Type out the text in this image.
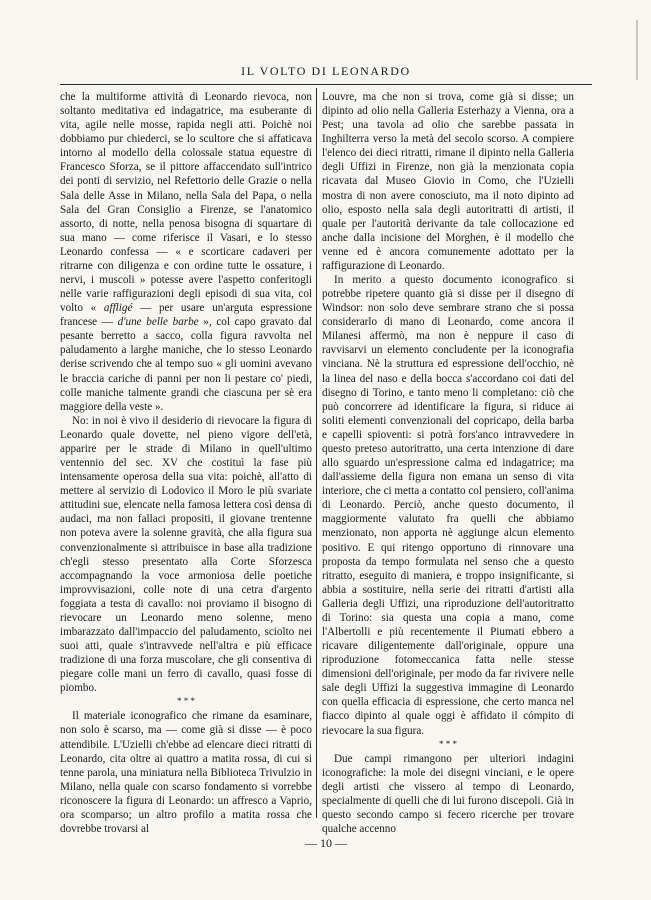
IL VOLTO DI LEONARDO

che la multiforme attività di Leonardo rievoca, non soltanto meditativa ed indagatrice, ma esuberante di vita, agile nelle mosse, rapida negli atti. Poichè noi dobbiamo pur chiederci, se lo scultore che si affaticava intorno al modello della colossale statua equestre di Francesco Sforza, se il pittore affaccendato sull'intrico dei ponti di servizio, nel Refettorio delle Grazie o nella Sala delle Asse in Milano, nella Sala del Papa, o nella Sala del Gran Consiglio a Firenze, se l'anatomico assorto, di notte, nella penosa bisogna di squartare di sua mano — come riferisce il Vasari, e lo stesso Leonardo confessa — « e scorticare cadaveri per ritrarne con diligenza e con ordine tutte le ossature, i nervi, i muscoli » potesse avere l'aspetto conferitogli nelle varie raffigurazioni degli episodi di sua vita, col volto « affligé — per usare un'arguta espressione francese — d'une belle barbe », col capo gravato dal pesante berretto a sacco, colla figura ravvolta nel paludamento a larghe maniche, che lo stesso Leonardo derise scrivendo che al tempo suo « gli uomini avevano le braccia cariche di panni per non li pestare co' piedi, colle maniche talmente grandi che ciascuna per sè era maggiore della veste ».

No: in noi è vivo il desiderio di rievocare la figura di Leonardo quale dovette, nel pieno vigore dell'età, apparire per le strade di Milano in quell'ultimo ventennio del sec. XV che costituì la fase più intensamente operosa della sua vita: poichè, all'atto di mettere al servizio di Lodovico il Moro le più svariate attitudini sue, elencate nella famosa lettera così densa di audaci, ma non fallaci propositi, il giovane trentenne non poteva avere la solenne gravità, che alla figura sua convenzionalmente si attribuisce in base alla tradizione ch'egli stesso presentato alla Corte Sforzesca accompagnando la voce armoniosa delle poetiche improvvisazioni, colle note di una cetra d'argento foggiata a testa di cavallo: noi proviamo il bisogno di rievocare un Leonardo meno solenne, meno imbarazzato dall'impaccio del paludamento, sciolto nei suoi atti, quale s'intravvede nell'altra e più efficace tradizione di una forza muscolare, che gli consentiva di piegare colle mani un ferro di cavallo, quasi fosse di piombo.

* * *

Il materiale iconografico che rimane da esaminare, non solo è scarso, ma — come già si disse — è poco attendibile. L'Uzielli ch'ebbe ad elencare dieci ritratti di Leonardo, cita oltre ai quattro a matita rossa, di cui si tenne parola, una miniatura nella Biblioteca Trivulzio in Milano, nella quale con scarso fondamento si vorrebbe riconoscere la figura di Leonardo: un affresco a Vaprio, ora scomparso; un altro profilo a matita rossa che dovrebbe trovarsi al

Louvre, ma che non si trova, come già si disse; un dipinto ad olio nella Galleria Esterhazy a Vienna, ora a Pest; una tavola ad olio che sarebbe passata in Inghilterra verso la metà del secolo scorso. A compiere l'elenco dei dieci ritratti, rimane il dipinto nella Galleria degli Uffizi in Firenze, non già la menzionata copia ricavata dal Museo Giovio in Como, che l'Uzielli mostra di non avere conosciuto, ma il noto dipinto ad olio, esposto nella sala degli autoritratti di artisti, il quale per l'autorità derivante da tale collocazione ed anche dalla incisione del Morghen, è il modello che venne ed è ancora comunemente adottato per la raffigurazione di Leonardo.

In merito a questo documento iconografico si potrebbe ripetere quanto già si disse per il disegno di Windsor: non solo deve sembrare strano che si possa considerarlo di mano di Leonardo, come ancora il Milanesi affermò, ma non è neppure il caso di ravvisarvi un elemento concludente per la iconografia vinciana. Nè la struttura ed espressione dell'occhio, nè la linea del naso e della bocca s'accordano coi dati del disegno di Torino, e tanto meno li completano: ciò che può concorrere ad identificare la figura, si riduce ai soliti elementi convenzionali del copricapo, della barba e capelli spioventi: si potrà fors'anco intravvedere in questo preteso autoritratto, una certa intenzione di dare allo sguardo un'espressione calma ed indagatrice; ma dall'assieme della figura non emana un senso di vita interiore, che ci metta a contatto col pensiero, coll'anima di Leonardo. Perciò, anche questo documento, il maggiormente valutato fra quelli che abbiamo menzionato, non apporta nè aggiunge alcun elemento positivo. E qui ritengo opportuno di rinnovare una proposta da tempo formulata nel senso che a questo ritratto, eseguito di maniera, e troppo insignificante, si abbia a sostituire, nella serie dei ritratti d'artisti alla Galleria degli Uffizi, una riproduzione dell'autoritratto di Torino: sia questa una copia a mano, come l'Albertolli e più recentemente il Piumati ebbero a ricavare diligentemente dall'originale, oppure una riproduzione fotomeccanica fatta nelle stesse dimensioni dell'originale, per modo da far rivivere nelle sale degli Uffizi la suggestiva immagine di Leonardo con quella efficacia di espressione, che certo manca nel fiacco dipinto al quale oggi è affidato il cómpito di rievocare la sua figura.

* * *

Due campi rimangono per ulteriori indagini iconografiche: la mole dei disegni vinciani, e le opere degli artisti che vissero al tempo di Leonardo, specialmente di quelli che di lui furono discepoli. Già in questo secondo campo si fecero ricerche per trovare qualche accenno

— 10 —
